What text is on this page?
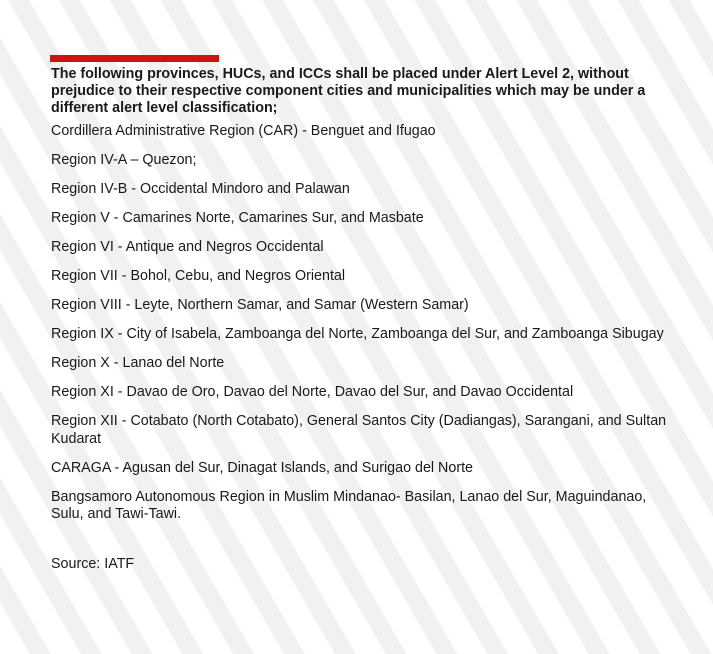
The following provinces, HUCs, and ICCs shall be placed under Alert Level 2, without prejudice to their respective component cities and municipalities which may be under a different alert level classification;

Cordillera Administrative Region (CAR) - Benguet and Ifugao
Region IV-A – Quezon;
Region IV-B - Occidental Mindoro and Palawan
Region V - Camarines Norte, Camarines Sur, and Masbate
Region VI - Antique and Negros Occidental
Region VII - Bohol, Cebu, and Negros Oriental
Region VIII - Leyte, Northern Samar, and Samar (Western Samar)
Region IX - City of Isabela, Zamboanga del Norte, Zamboanga del Sur, and Zamboanga Sibugay
Region X - Lanao del Norte
Region XI - Davao de Oro, Davao del Norte, Davao del Sur, and Davao Occidental
Region XII - Cotabato (North Cotabato), General Santos City (Dadiangas), Sarangani, and Sultan Kudarat
CARAGA - Agusan del Sur, Dinagat Islands, and Surigao del Norte
Bangsamoro Autonomous Region in Muslim Mindanao- Basilan, Lanao del Sur, Maguindanao, Sulu, and Tawi-Tawi.

Source: IATF
